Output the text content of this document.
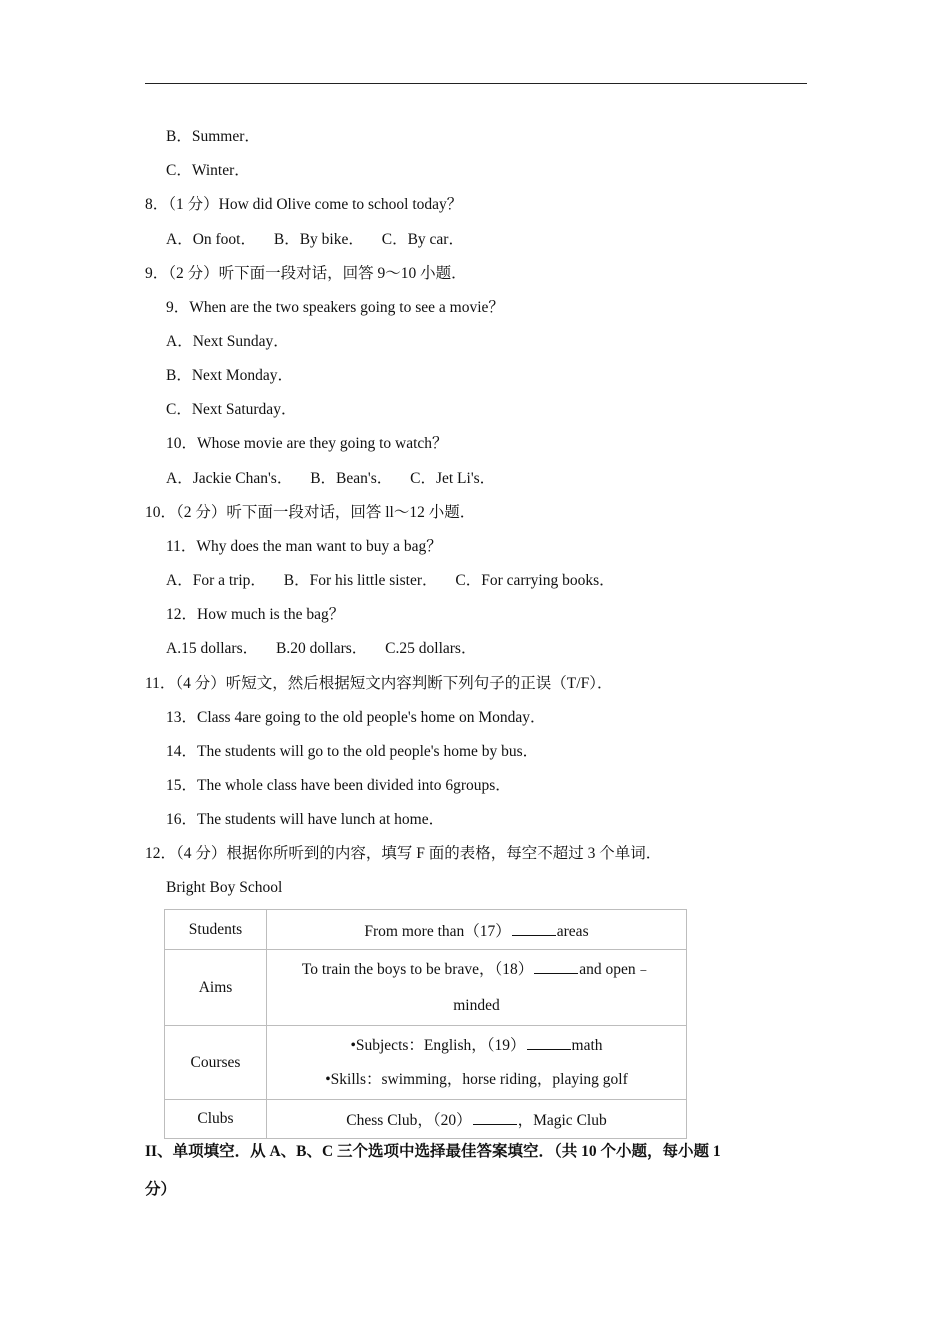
B．Summer．
C．Winter．
8．（1 分）How did Olive come to school today？
A．On foot． B．By bike． C．By car．
9．（2 分）听下面一段对话，回答 9～10 小题．
9．When are the two speakers going to see a movie？
A．Next Sunday．
B．Next Monday．
C．Next Saturday．
10．Whose movie are they going to watch？
A．Jackie Chan's． B．Bean's． C．Jet Li's．
10．（2 分）听下面一段对话，回答 ll～12 小题．
11．Why does the man want to buy a bag？
A．For a trip． B．For his little sister． C．For carrying books．
12．How much is the bag？
A.15 dollars． B.20 dollars． C.25 dollars．
11．（4 分）听短文，然后根据短文内容判断下列句子的正误（T/F）．
13．Class 4are going to the old people's home on Monday．
14．The students will go to the old people's home by bus．
15．The whole class have been divided into 6groups．
16．The students will have lunch at home．
12．（4 分）根据你所听到的内容，填写 F 面的表格，每空不超过 3 个单词．
Bright Boy School
Students	From more than（17） areas
Aims	To train the boys to be brave，（18） and open﹣
minded

Courses	•Subjects：English，（19） math
•Skills：swimming，horse riding，playing golf

Clubs	Chess Club，（20） ，Magic Club
II、单项填空．从 A、B、C 三个选项中选择最佳答案填空．（共 10 个小题，每小题 1
分）
